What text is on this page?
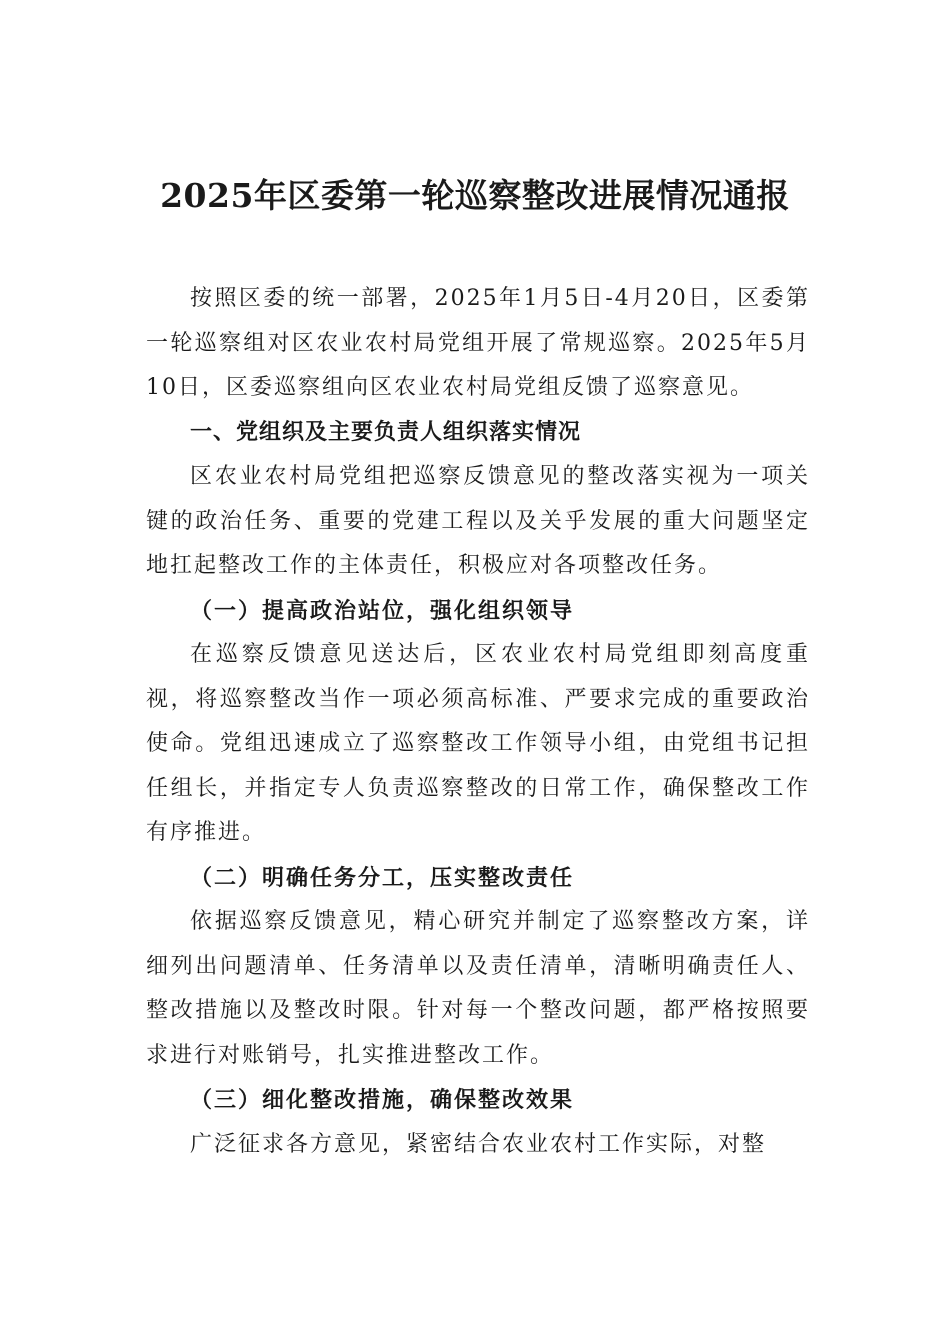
2025年区委第一轮巡察整改进展情况通报

按照区委的统一部署，2025年1月5日-4月20日，区委第一轮巡察组对区农业农村局党组开展了常规巡察。2025年5月10日，区委巡察组向区农业农村局党组反馈了巡察意见。

一、党组织及主要负责人组织落实情况

区农业农村局党组把巡察反馈意见的整改落实视为一项关键的政治任务、重要的党建工程以及关乎发展的重大问题坚定地扛起整改工作的主体责任，积极应对各项整改任务。

（一）提高政治站位，强化组织领导

在巡察反馈意见送达后，区农业农村局党组即刻高度重视，将巡察整改当作一项必须高标准、严要求完成的重要政治使命。党组迅速成立了巡察整改工作领导小组，由党组书记担任组长，并指定专人负责巡察整改的日常工作，确保整改工作有序推进。

（二）明确任务分工，压实整改责任

依据巡察反馈意见，精心研究并制定了巡察整改方案，详细列出问题清单、任务清单以及责任清单，清晰明确责任人、整改措施以及整改时限。针对每一个整改问题，都严格按照要求进行对账销号，扎实推进整改工作。

（三）细化整改措施，确保整改效果

广泛征求各方意见，紧密结合农业农村工作实际，对整
